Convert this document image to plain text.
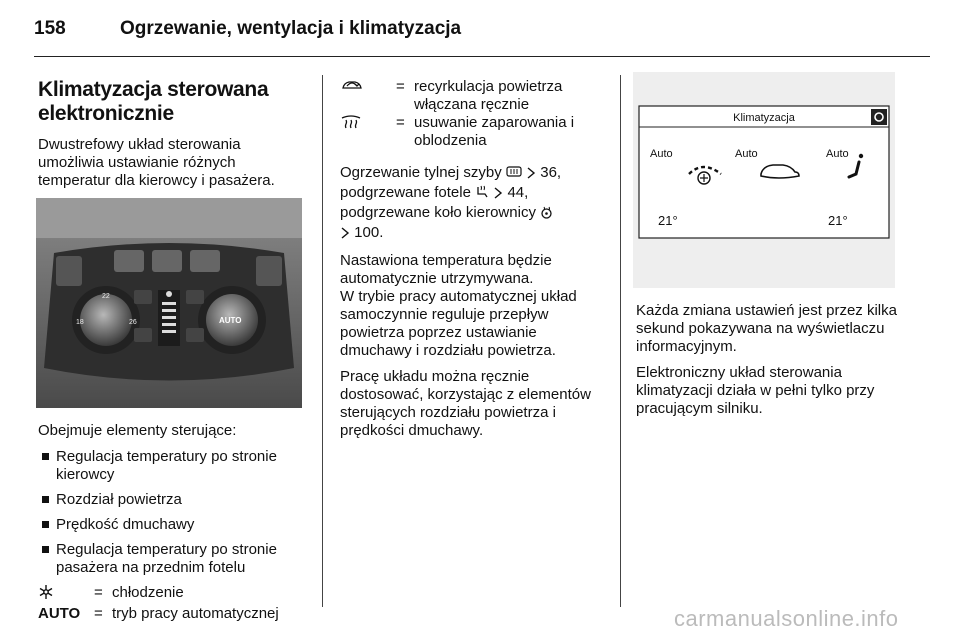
158	Ogrzewanie, wentylacja i klimatyzacja
Klimatyzacja sterowana elektronicznie

Dwustrefowy układ sterowania umożliwia ustawianie różnych temperatur dla kierowcy i pasażera.

22
18	26	AUTO

Obejmuje elementy sterujące:

Regulacja temperatury po stronie kierowcy
Rozdział powietrza
Prędkość dmuchawy
Regulacja temperatury po stronie pasażera na przednim fotelu
= chłodzenie
AUTO = tryb pracy automatycznej
= recyrkulacja powietrza włączana ręcznie
= usuwanie zaparowania i oblodzenia

Ogrzewanie tylnej szyby	36,
podgrzewane fotele 44,
podgrzewane koło kierownicy
100.

Nastawiona temperatura będzie automatycznie utrzymywana.

W trybie pracy automatycznej układ samoczynnie reguluje przepływ powietrza poprzez ustawianie dmuchawy i rozdziału powietrza.

Pracę układu można ręcznie dostosować, korzystając z elementów sterujących rozdziału powietrza i prędkości dmuchawy.

Klimatyzacja
Auto	Auto	Auto
21°	21°

Każda zmiana ustawień jest przez kilka sekund pokazywana na wyświetlaczu informacyjnym.

Elektroniczny układ sterowania klimatyzacji działa w pełni tylko przy pracującym silniku.

carmanualsonline.info
